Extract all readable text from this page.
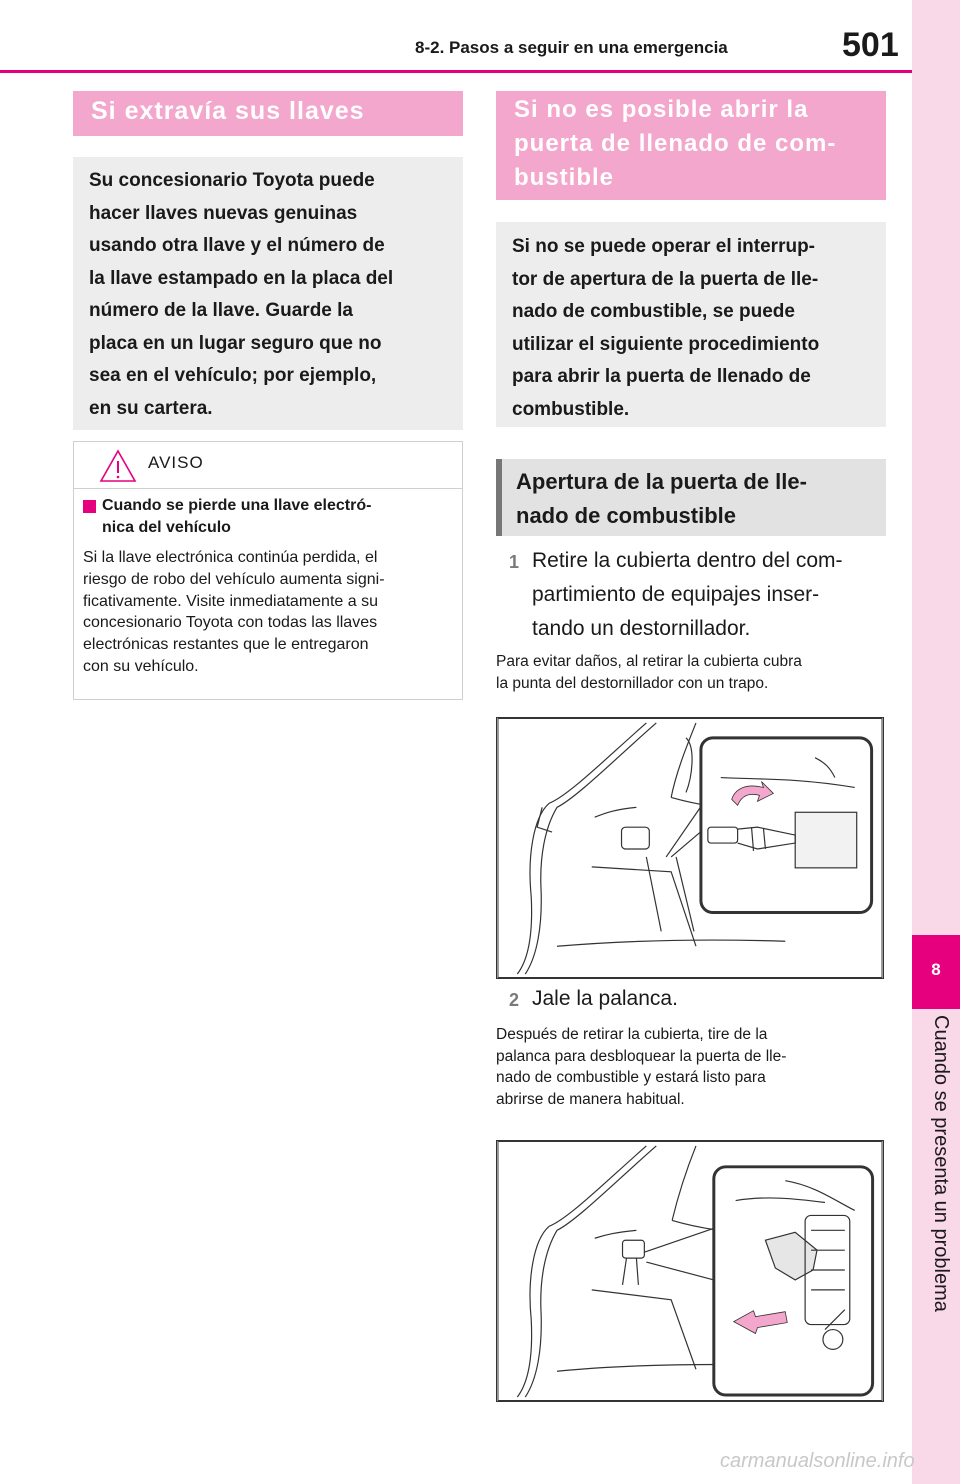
8-2. Pasos a seguir en una emergencia	501
8
Cuando se presenta un problema
Si extravía sus llaves
Su concesionario Toyota puede
hacer llaves nuevas genuinas
usando otra llave y el número de
la llave estampado en la placa del
número de la llave. Guarde la
placa en un lugar seguro que no
sea en el vehículo; por ejemplo,
en su cartera.
AVISO
Cuando se pierde una llave electró-
nica del vehículo
Si la llave electrónica continúa perdida, el
riesgo de robo del vehículo aumenta signi-
ficativamente. Visite inmediatamente a su
concesionario Toyota con todas las llaves
electrónicas restantes que le entregaron
con su vehículo.
Si no es posible abrir la
puerta de llenado de com-
bustible
Si no se puede operar el interrup-
tor de apertura de la puerta de lle-
nado de combustible, se puede
utilizar el siguiente procedimiento
para abrir la puerta de llenado de
combustible.
Apertura de la puerta de lle-
nado de combustible
1 Retire la cubierta dentro del com-
partimiento de equipajes inser-
tando un destornillador.
Para evitar daños, al retirar la cubierta cubra
la punta del destornillador con un trapo.
2 Jale la palanca.
Después de retirar la cubierta, tire de la
palanca para desbloquear la puerta de lle-
nado de combustible y estará listo para
abrirse de manera habitual.
carmanualsonline.info
